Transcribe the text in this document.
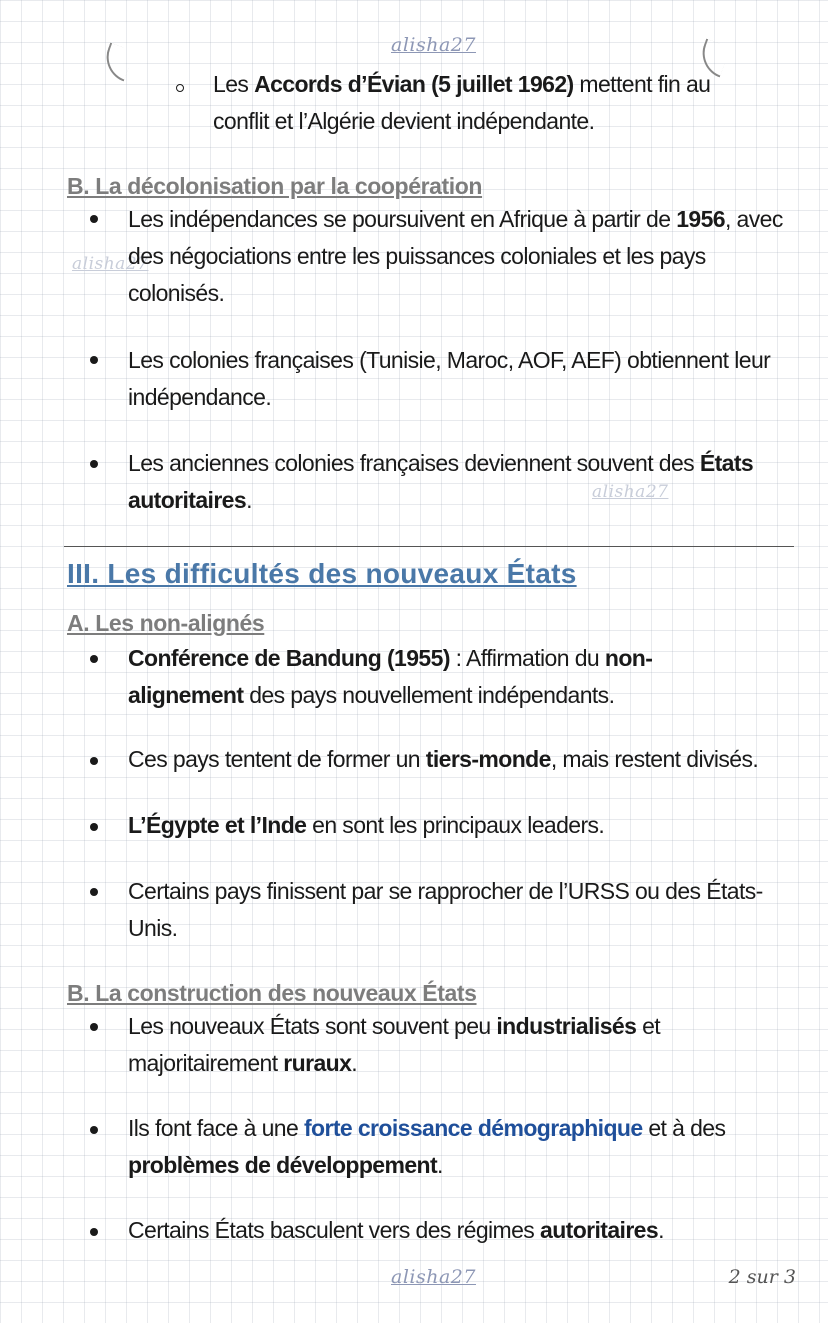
alisha27
alisha27
alisha27
alisha27	2 sur 3
Les Accords d’Évian (5 juillet 1962) mettent fin au
conflit et l’Algérie devient indépendante.
B. La décolonisation par la coopération
Les indépendances se poursuivent en Afrique à partir de 1956, avec
des négociations entre les puissances coloniales et les pays
colonisés.
Les colonies françaises (Tunisie, Maroc, AOF, AEF) obtiennent leur
indépendance.
Les anciennes colonies françaises deviennent souvent des États
autoritaires.
III. Les difficultés des nouveaux États
A. Les non-alignés
Conférence de Bandung (1955) : Affirmation du non-
alignement des pays nouvellement indépendants.
Ces pays tentent de former un tiers-monde, mais restent divisés.
L’Égypte et l’Inde en sont les principaux leaders.
Certains pays finissent par se rapprocher de l’URSS ou des États-
Unis.
B. La construction des nouveaux États
Les nouveaux États sont souvent peu industrialisés et
majoritairement ruraux.
Ils font face à une forte croissance démographique et à des
problèmes de développement.
Certains États basculent vers des régimes autoritaires.
